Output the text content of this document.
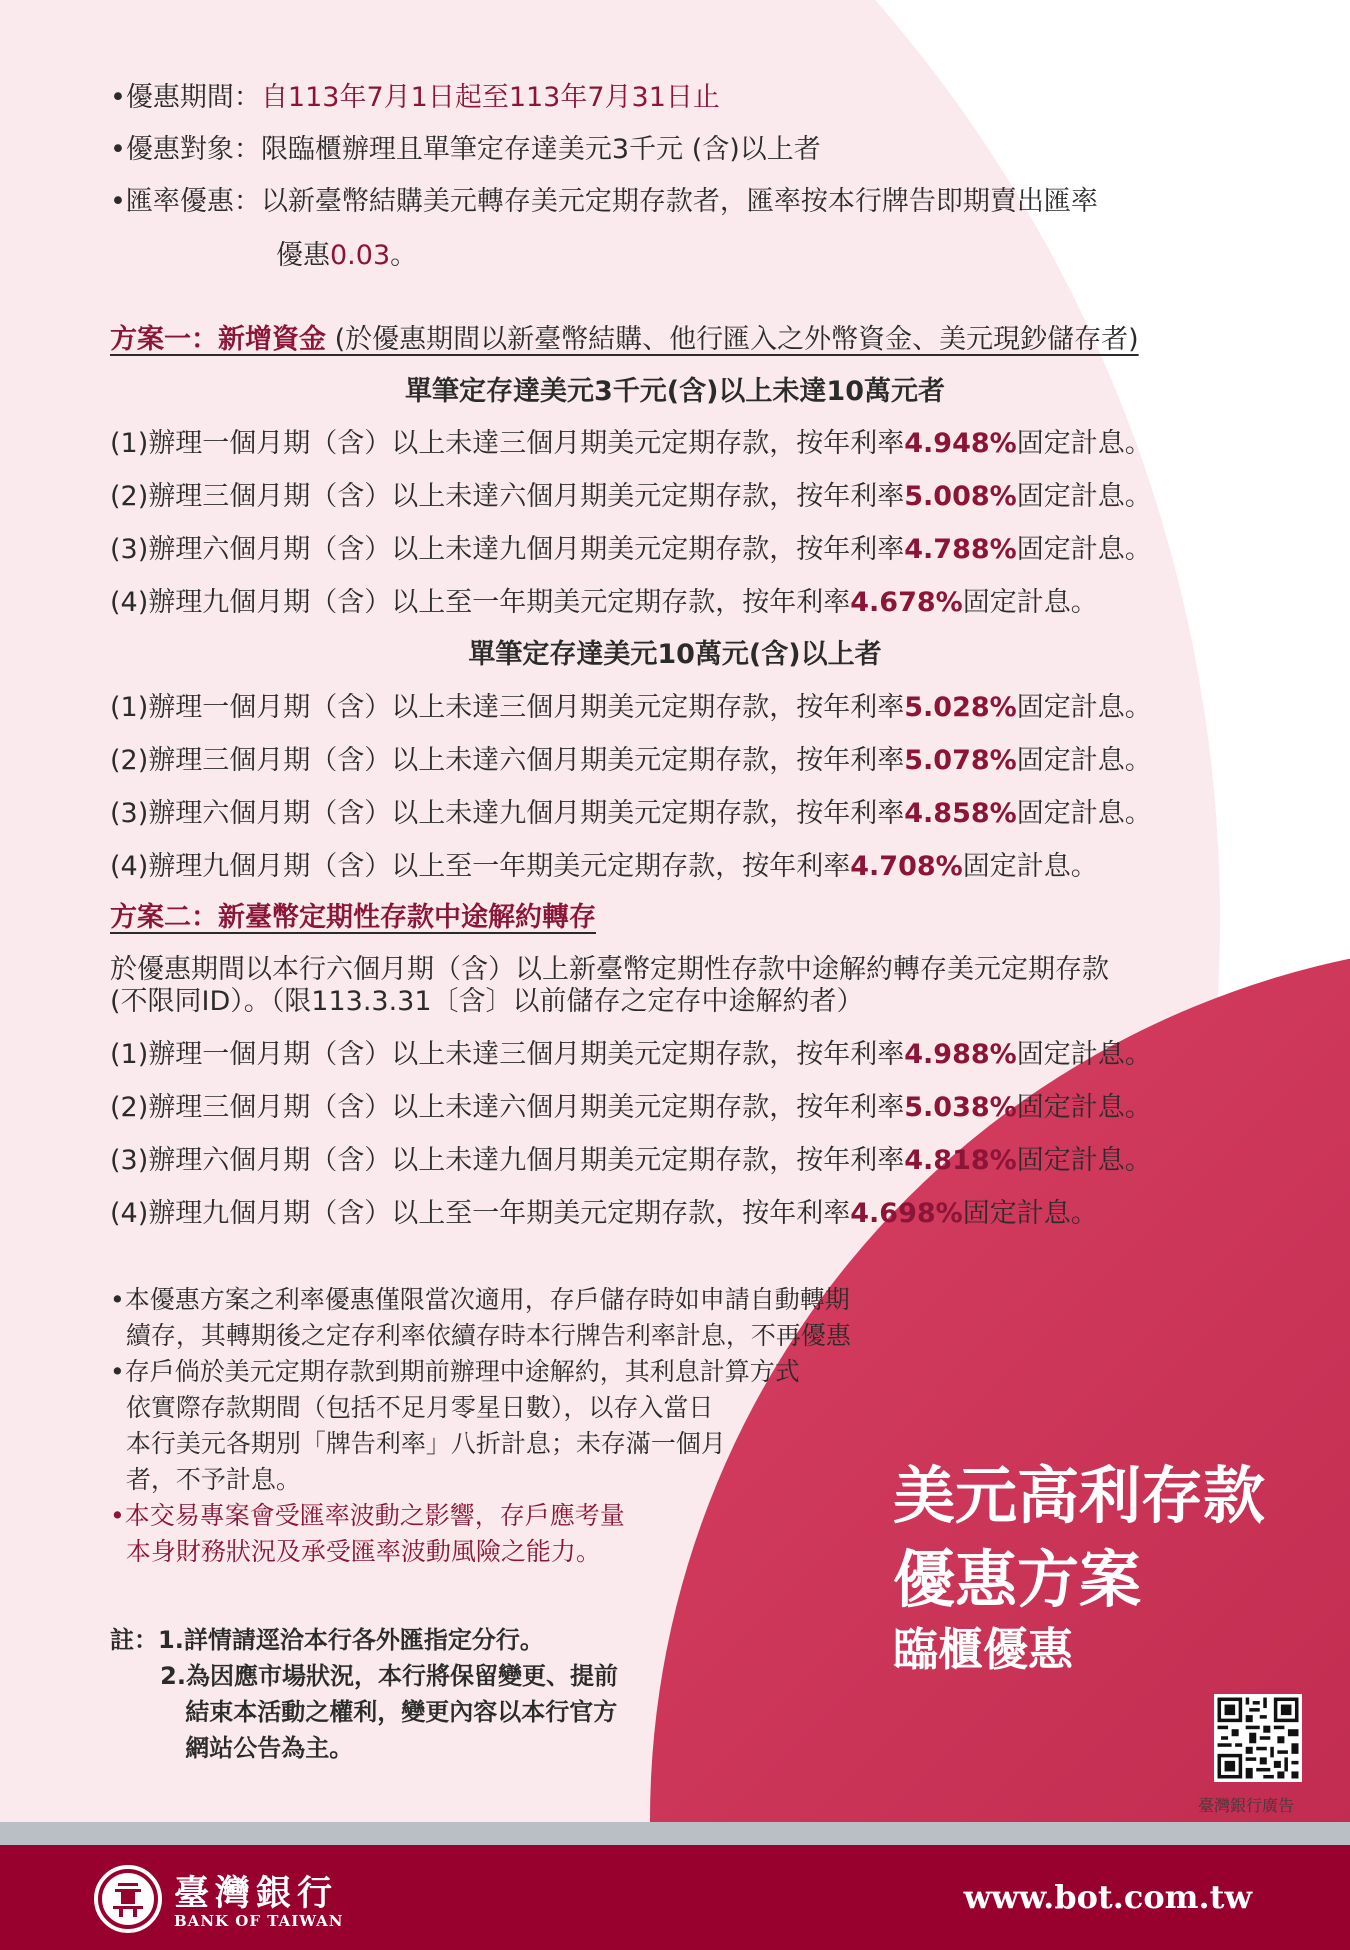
•優惠期間：自113年7月1日起至113年7月31日止
•優惠對象：限臨櫃辦理且單筆定存達美元3千元 (含)以上者
•匯率優惠：以新臺幣結購美元轉存美元定期存款者，匯率按本行牌告即期賣出匯率
優惠0.03。
方案一：新增資金 (於優惠期間以新臺幣結購、他行匯入之外幣資金、美元現鈔儲存者)
單筆定存達美元3千元(含)以上未達10萬元者
(1)辦理一個月期（含）以上未達三個月期美元定期存款，按年利率4.948%固定計息。
(2)辦理三個月期（含）以上未達六個月期美元定期存款，按年利率5.008%固定計息。
(3)辦理六個月期（含）以上未達九個月期美元定期存款，按年利率4.788%固定計息。
(4)辦理九個月期（含）以上至一年期美元定期存款，按年利率4.678%固定計息。
單筆定存達美元10萬元(含)以上者
(1)辦理一個月期（含）以上未達三個月期美元定期存款，按年利率5.028%固定計息。
(2)辦理三個月期（含）以上未達六個月期美元定期存款，按年利率5.078%固定計息。
(3)辦理六個月期（含）以上未達九個月期美元定期存款，按年利率4.858%固定計息。
(4)辦理九個月期（含）以上至一年期美元定期存款，按年利率4.708%固定計息。
方案二：新臺幣定期性存款中途解約轉存
於優惠期間以本行六個月期（含）以上新臺幣定期性存款中途解約轉存美元定期存款
(不限同ID）。（限113.3.31〔含〕以前儲存之定存中途解約者）
(1)辦理一個月期（含）以上未達三個月期美元定期存款，按年利率4.988%固定計息。
(2)辦理三個月期（含）以上未達六個月期美元定期存款，按年利率5.038%固定計息。
(3)辦理六個月期（含）以上未達九個月期美元定期存款，按年利率4.818%固定計息。
(4)辦理九個月期（含）以上至一年期美元定期存款，按年利率4.698%固定計息。
•本優惠方案之利率優惠僅限當次適用，存戶儲存時如申請自動轉期
續存，其轉期後之定存利率依續存時本行牌告利率計息，不再優惠
•存戶倘於美元定期存款到期前辦理中途解約，其利息計算方式
依實際存款期間（包括不足月零星日數），以存入當日
本行美元各期別「牌告利率」八折計息；未存滿一個月
者，不予計息。
•本交易專案會受匯率波動之影響，存戶應考量
本身財務狀況及承受匯率波動風險之能力。
註：1.詳情請逕洽本行各外匯指定分行。
2.為因應市場狀況，本行將保留變更、提前
結束本活動之權利，變更內容以本行官方
網站公告為主。
美元高利存款
優惠方案
臨櫃優惠
臺灣銀行廣告
臺灣銀行
BANK OF TAIWAN
www.bot.com.tw
